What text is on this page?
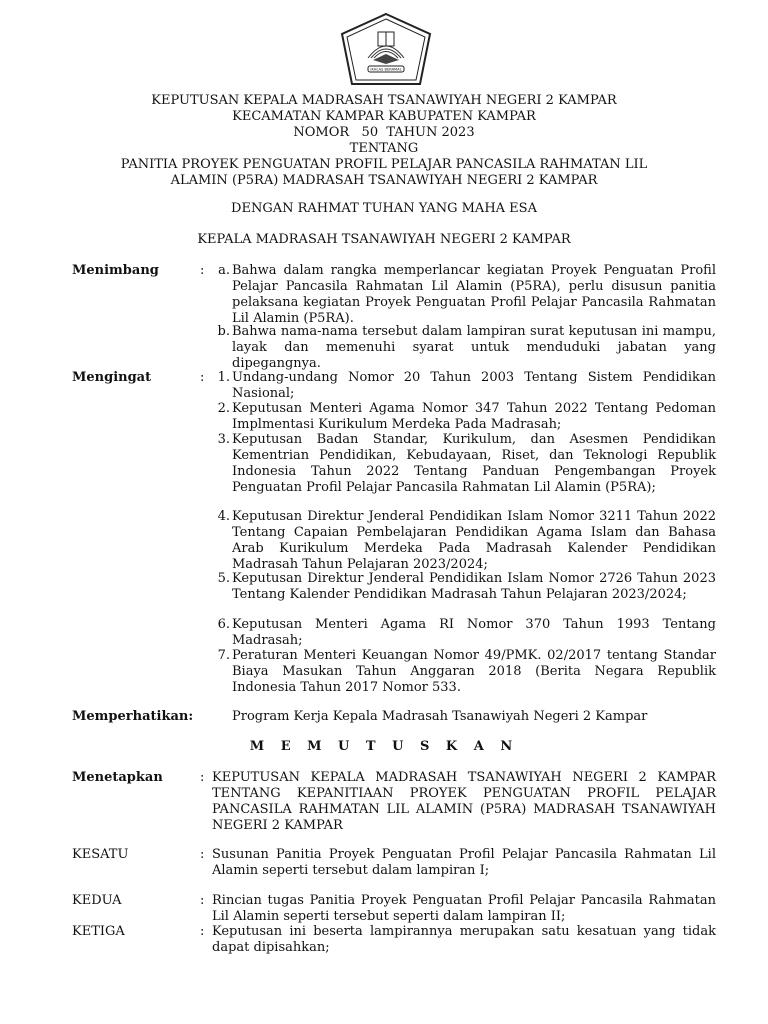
IKHLAS BERAMAL
KEPUTUSAN KEPALA MADRASAH TSANAWIYAH NEGERI 2 KAMPAR
KECAMATAN KAMPAR KABUPATEN KAMPAR
NOMOR   50  TAHUN 2023
TENTANG
PANITIA PROYEK PENGUATAN PROFIL PELAJAR PANCASILA RAHMATAN LIL
ALAMIN (P5RA) MADRASAH TSANAWIYAH NEGERI 2 KAMPAR
DENGAN RAHMAT TUHAN YANG MAHA ESA
KEPALA MADRASAH TSANAWIYAH NEGERI 2 KAMPAR
Menimbang	:	a. Bahwa dalam rangka memperlancar kegiatan Proyek Penguatan Profil Pelajar Pancasila Rahmatan Lil Alamin (P5RA), perlu disusun panitia pelaksana kegiatan Proyek Penguatan Profil Pelajar Pancasila Rahmatan Lil Alamin (P5RA).
b. Bahwa nama-nama tersebut dalam lampiran surat keputusan ini mampu, layak dan memenuhi syarat untuk menduduki jabatan yang dipegangnya.
Mengingat	:	1. Undang-undang Nomor 20 Tahun 2003 Tentang Sistem Pendidikan Nasional;
2. Keputusan Menteri Agama Nomor 347 Tahun 2022 Tentang Pedoman Implmentasi Kurikulum Merdeka Pada Madrasah;
3. Keputusan Badan Standar, Kurikulum, dan Asesmen Pendidikan Kementrian Pendidikan, Kebudayaan, Riset, dan Teknologi Republik Indonesia Tahun 2022 Tentang Panduan Pengembangan Proyek Penguatan Profil Pelajar Pancasila Rahmatan Lil Alamin (P5RA);
4. Keputusan Direktur Jenderal Pendidikan Islam Nomor 3211 Tahun 2022 Tentang Capaian Pembelajaran Pendidikan Agama Islam dan Bahasa Arab Kurikulum Merdeka Pada Madrasah Kalender Pendidikan Madrasah Tahun Pelajaran 2023/2024;
5. Keputusan Direktur Jenderal Pendidikan Islam Nomor 2726 Tahun 2023 Tentang Kalender Pendidikan Madrasah Tahun Pelajaran 2023/2024;
6. Keputusan Menteri Agama RI Nomor 370 Tahun 1993 Tentang Madrasah;
7. Peraturan Menteri Keuangan Nomor 49/PMK. 02/2017 tentang Standar Biaya Masukan Tahun Anggaran 2018 (Berita Negara Republik Indonesia Tahun 2017 Nomor 533.
Memperhatikan:	Program Kerja Kepala Madrasah Tsanawiyah Negeri 2 Kampar
M E M U T U S K A N
Menetapkan	: KEPUTUSAN KEPALA MADRASAH TSANAWIYAH NEGERI 2 KAMPAR TENTANG KEPANITIAAN PROYEK PENGUATAN PROFIL PELAJAR PANCASILA RAHMATAN LIL ALAMIN (P5RA) MADRASAH TSANAWIYAH NEGERI 2 KAMPAR
KESATU	: Susunan Panitia Proyek Penguatan Profil Pelajar Pancasila Rahmatan Lil Alamin seperti tersebut dalam lampiran I;
KEDUA	: Rincian tugas Panitia Proyek Penguatan Profil Pelajar Pancasila Rahmatan Lil Alamin seperti tersebut seperti dalam lampiran II;
KETIGA	: Keputusan ini beserta lampirannya merupakan satu kesatuan yang tidak dapat dipisahkan;
